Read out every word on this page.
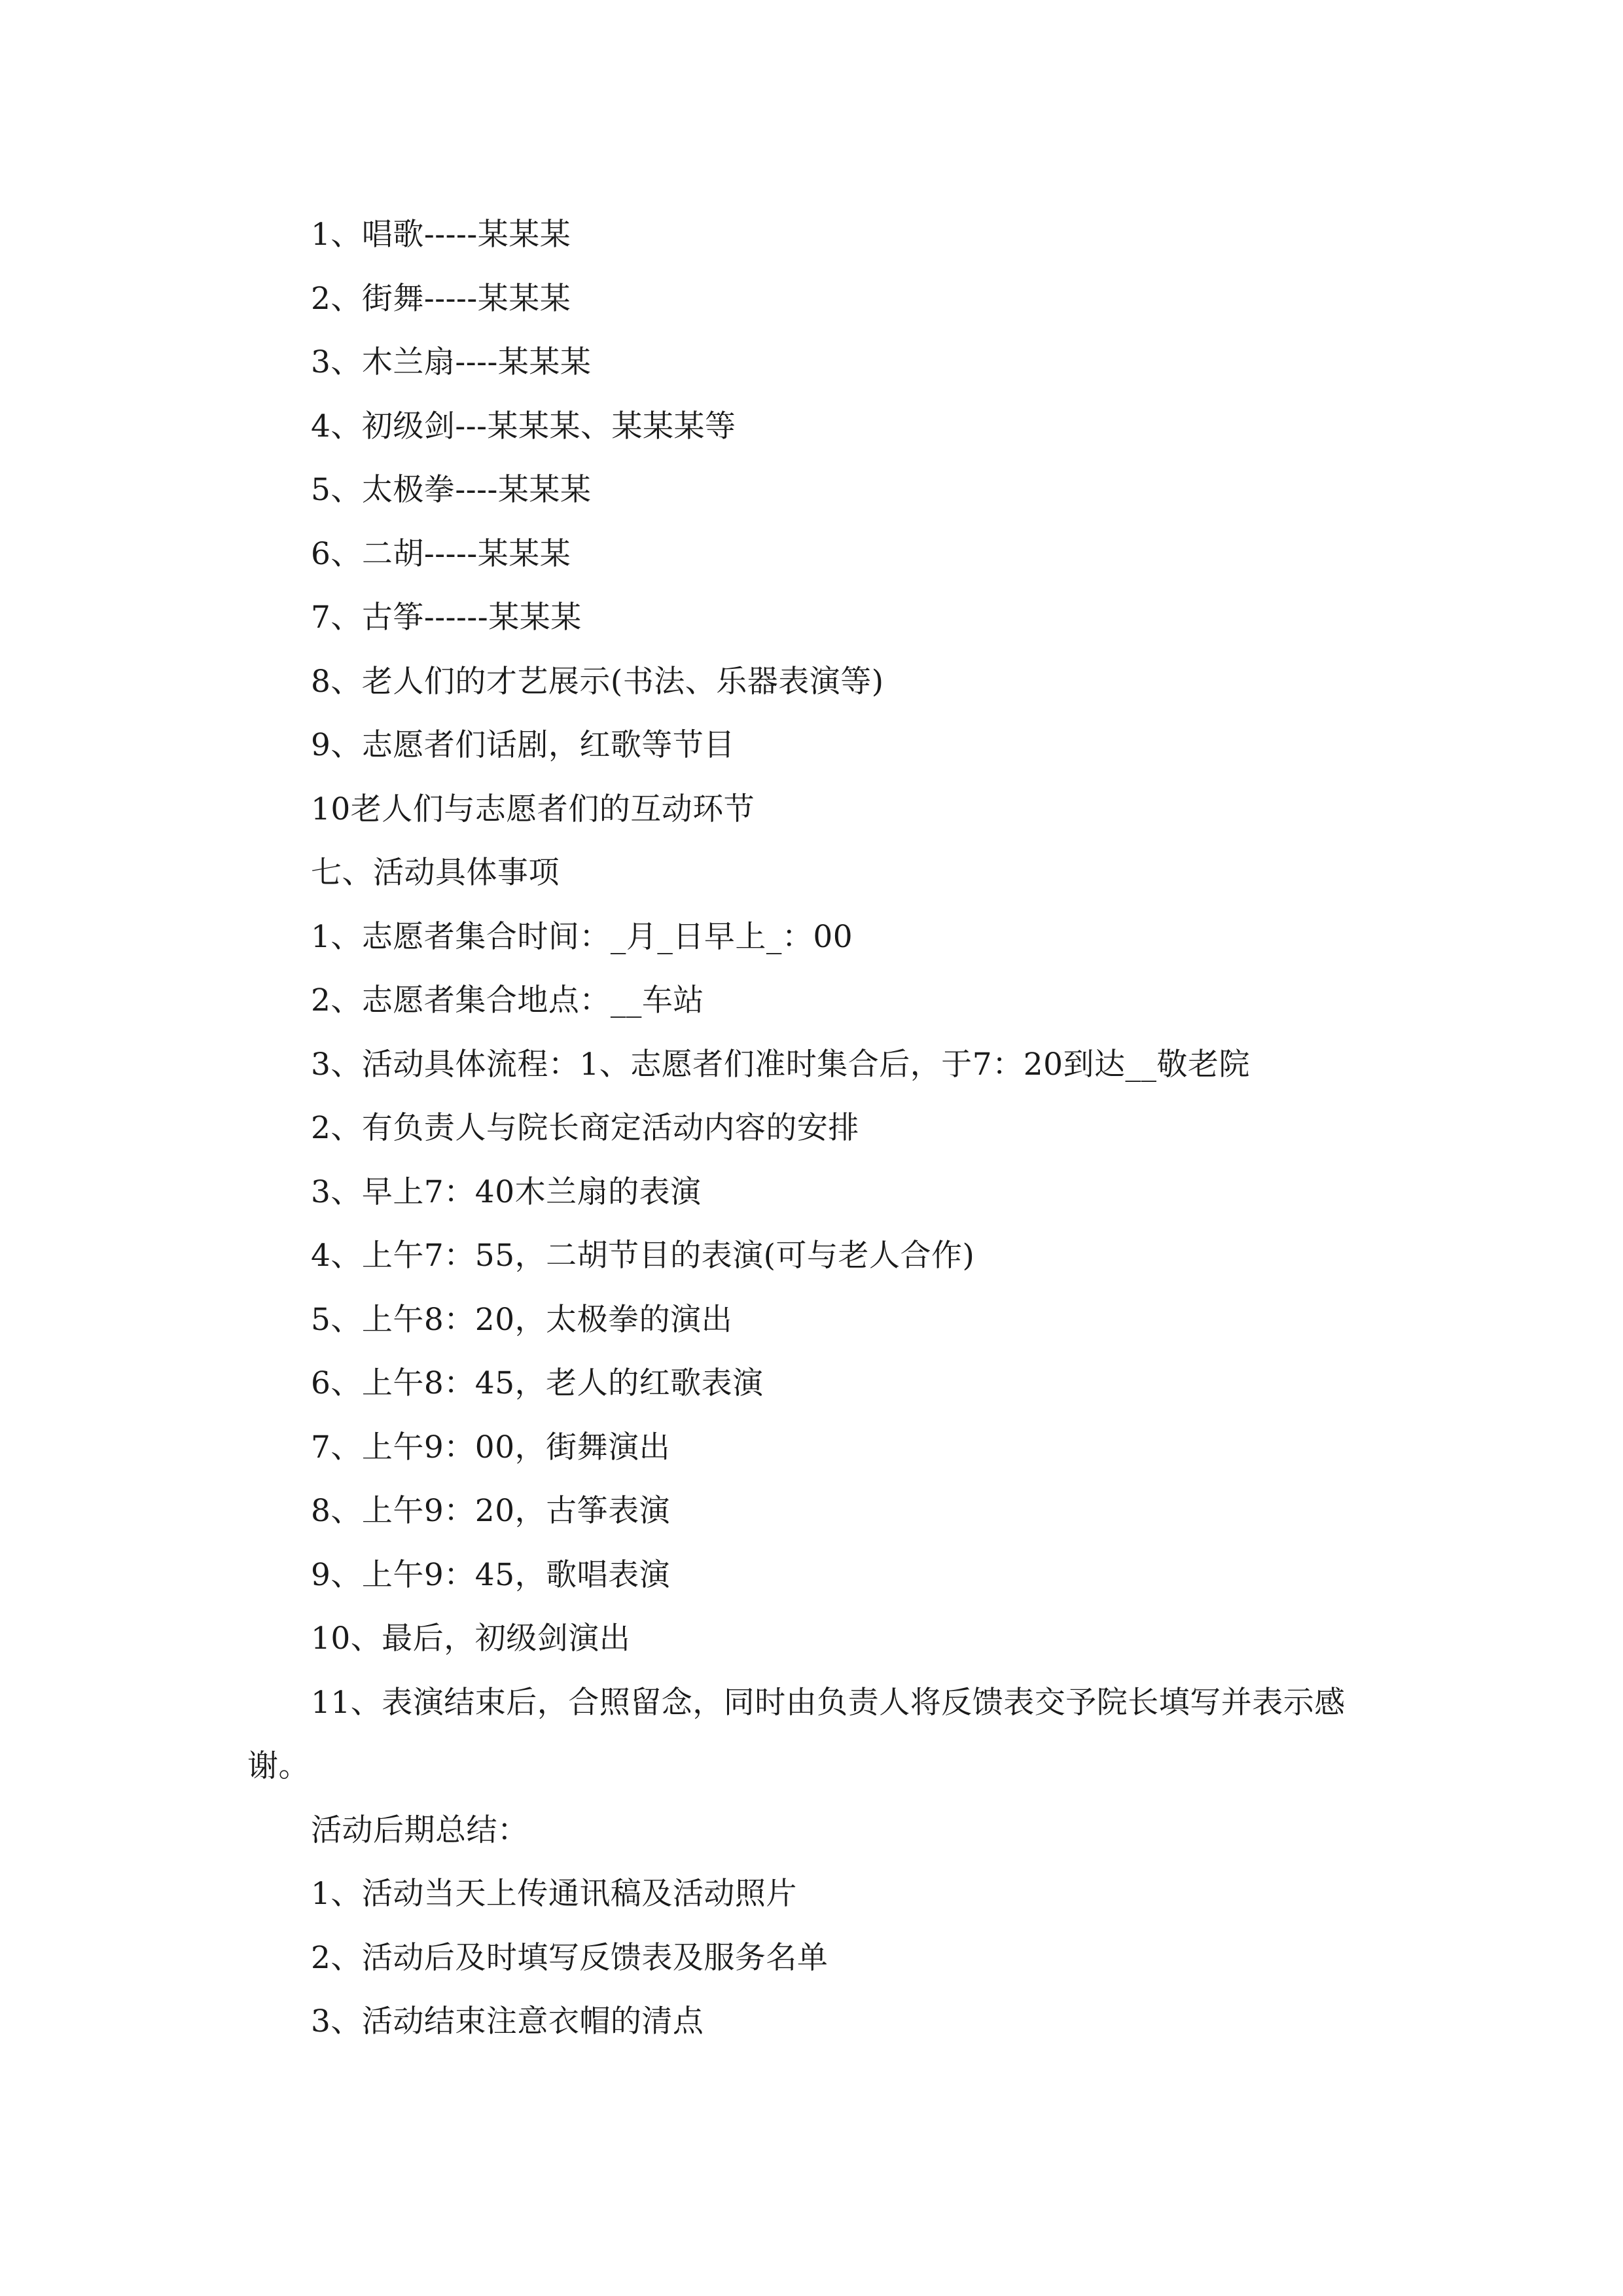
1、唱歌-----某某某
2、街舞-----某某某
3、木兰扇----某某某
4、初级剑---某某某、某某某等
5、太极拳----某某某
6、二胡-----某某某
7、古筝------某某某
8、老人们的才艺展示(书法、乐器表演等)
9、志愿者们话剧，红歌等节目
10老人们与志愿者们的互动环节
七、活动具体事项
1、志愿者集合时间：_月_日早上_：00
2、志愿者集合地点：__车站
3、活动具体流程：1、志愿者们准时集合后，于7：20到达__敬老院
2、有负责人与院长商定活动内容的安排
3、早上7：40木兰扇的表演
4、上午7：55，二胡节目的表演(可与老人合作)
5、上午8：20，太极拳的演出
6、上午8：45，老人的红歌表演
7、上午9：00，街舞演出
8、上午9：20，古筝表演
9、上午9：45，歌唱表演
10、最后，初级剑演出
11、表演结束后，合照留念，同时由负责人将反馈表交予院长填写并表示感谢。
活动后期总结：
1、活动当天上传通讯稿及活动照片
2、活动后及时填写反馈表及服务名单
3、活动结束注意衣帽的清点
